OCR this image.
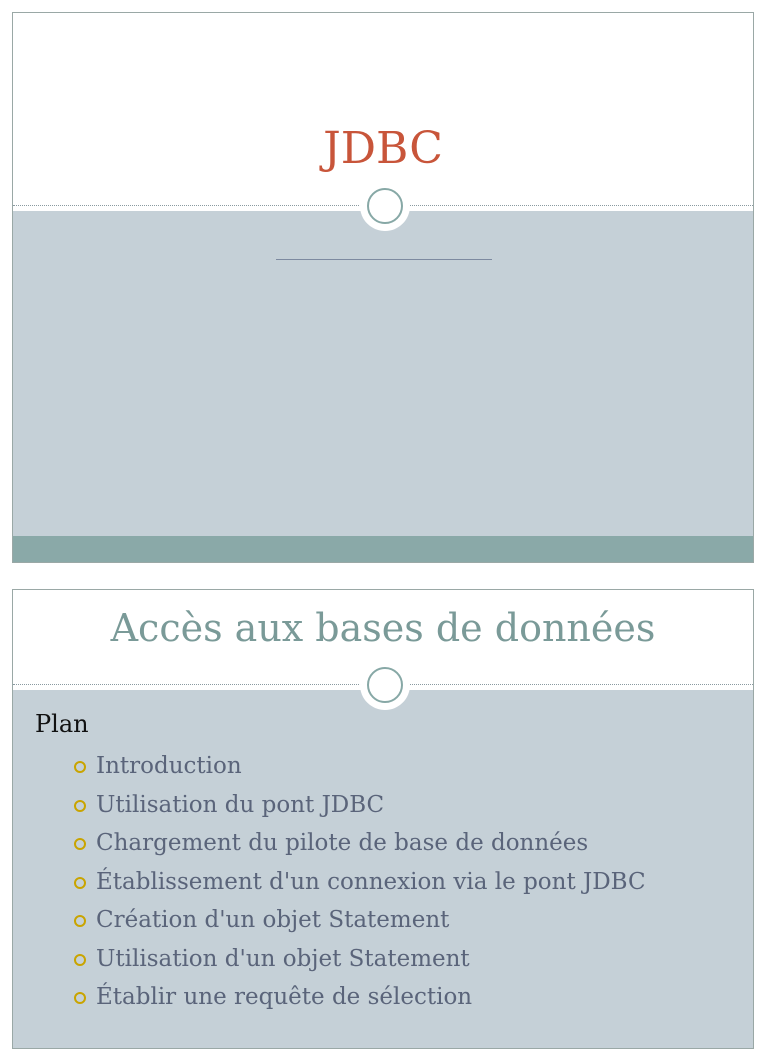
JDBC
Accès aux bases de données
Plan
Introduction
Utilisation du pont JDBC
Chargement du pilote de base de données
Établissement d'un connexion via le pont JDBC
Création d'un objet Statement
Utilisation d'un objet Statement
Établir une requête de sélection
